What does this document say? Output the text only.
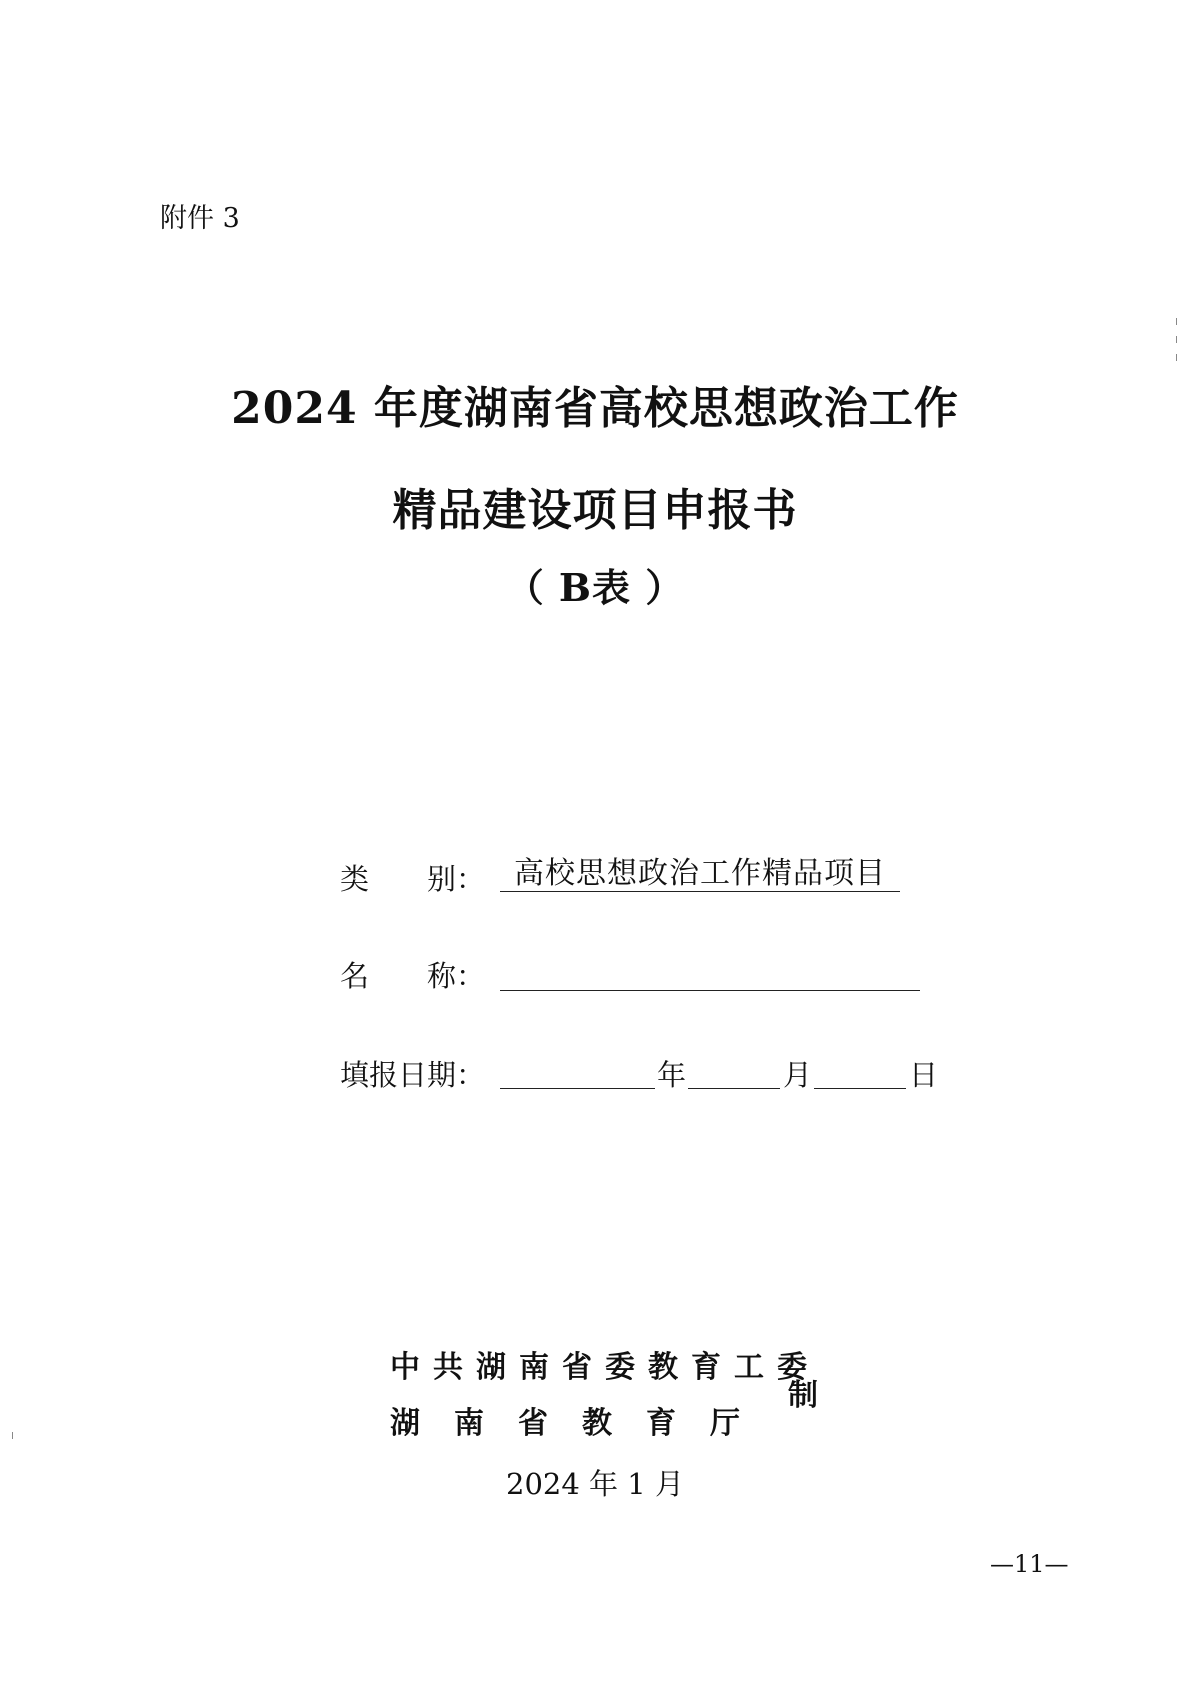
附件 3
2024 年度湖南省高校思想政治工作
精品建设项目申报书
（ B表 ）
类　　别： 高校思想政治工作精品项目
名　　称：
填报日期：	年	月	日
中共湖南省委教育工委
湖南省教育厅
制
2024 年 1 月
—11—
